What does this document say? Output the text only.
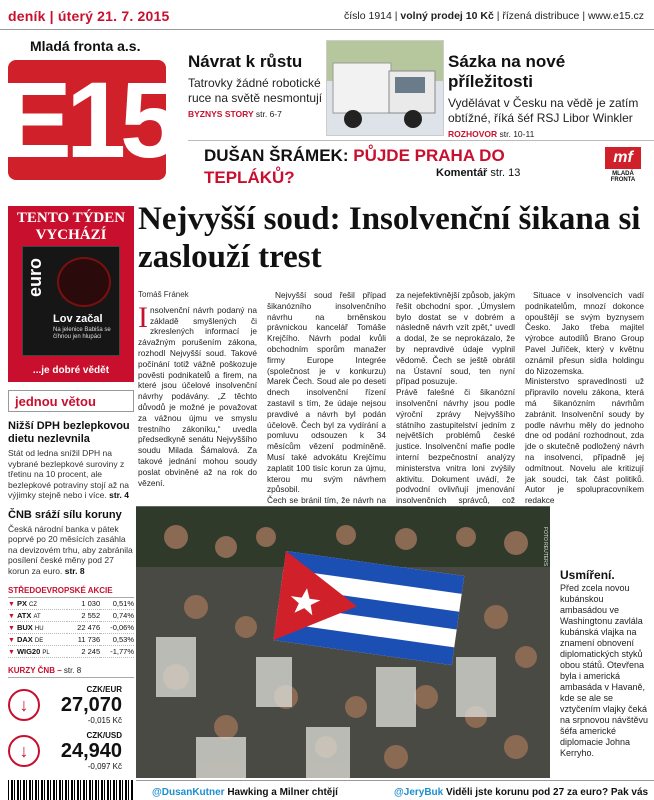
deník | úterý 21. 7. 2015	číslo 1914 | volný prodej 10 Kč | řízená distribuce | www.e15.cz
Mladá fronta a.s.
E15 Návrat k růstu

Tatrovky žádné robotické ruce na světě nesmontují

BYZNYS STORY str. 6-7
Sázka na nové příležitosti

Vydělávat v Česku na vědě je zatím obtížné, říká šéf RSJ Libor Winkler

ROZHOVOR str. 10-11
DUŠAN ŠRÁMEK: PŮJDE PRAHA DO TEPLÁKŮ?	Komentář str. 13
mf
MLADÁ FRONTA
TENTO TÝDEN VYCHÁZÍ
euro
Lov začal
Na jelenice Babiša se číhnou jen hlupáci
...je dobré vědět
jednou větou
Nižší DPH bezlepkovou dietu nezlevnila
Stát od ledna snížil DPH na vybrané bezlepkové suroviny z třetinu na 10 procent, ale bezlepkové potraviny stojí až na výjimky stejně nebo i více. str. 4
ČNB sráží sílu koruny
Česká národní banka v pátek poprvé po 20 měsících zasáhla na devizovém trhu, aby zabránila posílení české měny pod 27 korun za euro. str. 8
STŘEDOEVROPSKÉ AKCIE
▼ PX CZ	1 030	0,51%
▼ ATX AT	2 552	0,74%
▼ BUX HU	22 476	-0,06%
▼ DAX DE	11 736	0,53%
▼ WIG20 PL	2 245	-1,77%
KURZY ČNB – str. 8
↓
CZK/EUR
27,070
-0,015 Kč
↓
CZK/USD
24,940
-0,097 Kč
Nejvyšší soud: Insolvenční šikana si zaslouží trest
Tomáš Fránek
I nsolvenční návrh podaný na základě smyšlených či zkreslených informací je závažným porušením zákona, rozhodl Nejvyšší soud. Takové počínání totiž vážně poškozuje pověsti podnikatelů a firem, na které jsou účelové insolvenční návrhy podávány. „Z těchto důvodů je možné je považovat za vážnou újmu ve smyslu trestního zákoníku,“ uvedla předsedkyně senátu Nejvyššího soudu Milada Šámalová. Za takové jednání mohou soudy poslat obviněné až na rok do vězení.
Nejvyšší soud řešil případ šikanózního insolvenčního návrhu na brněnskou právnickou kancelář Tomáše Krejčího. Návrh podal kvůli obchodním sporům manažer firmy Europe Integrée (společnost je v konkurzu) Marek Čech. Soud ale po deseti dnech insolvenční řízení zastavil s tím, že údaje nejsou pravdivé a návrh byl podán účelově. Čech byl za vydírání a pomluvu odsouzen k 34 měsícům vězení podmíněně. Musí také advokátu Krejčímu zaplatit 100 tisíc korun za újmu, kterou mu svým návrhem způsobil.
Čech se bránil tím, že návrh na
za nejefektivnější způsob, jakým řešit obchodní spor. „Úmyslem bylo dostat se v dobrém a následně návrh vzít zpět,“ uvedl a dodal, že se neprokázalo, že by nepravdivé údaje vyplnil vědomě. Čech se ještě obrátil na Ústavní soud, ten nyní případ posuzuje.
Právě falešné či šikanózní insolvenční návrhy jsou podle výroční zprávy Nejvyššího státního zastupitelství jedním z největších problémů české justice. Insolvenční mafie podle interní bezpečnostní analýzy ministerstva vnitra loni zvýšily aktivitu. Dokument uvádí, že podvodní ovlivňují jmenování insolvenčních správců, což
Situace v insolvencích vadí podnikatelům, mnozí dokonce opouštějí se svým byznysem Česko. Jako třeba majitel výrobce autodílů Brano Group Pavel Juříček, který v květnu oznámil přesun sídla holdingu do Nizozemska.
Ministerstvo spravedlnosti už připravilo novelu zákona, která má šikanózním návrhům zabránit. Insolvenční soudy by podle návrhu měly do jednoho dne od podání rozhodnout, zda jde o skutečně podložený návrh na insolvenci, případně jej odmítnout. Novelu ale kritizují jak soudci, tak část politiků. Autor je spolupracovníkem redakce
FOTO REUTERS
Usmíření.

Před zcela novou kubánskou ambasádou ve Washingtonu zavlála kubánská vlajka na znamení obnovení diplomatických styků obou států. Otevřena byla i americká ambasáda v Havaně, kde se ale se vztyčením vlajky čeká na srpnovou návštěvu šéfa americké diplomacie Johna Kerryho.

@DusanKutner Hawking a Milner chtějí	@JeryBuk Viděli jste korunu pod 27 za euro? Pak vás
